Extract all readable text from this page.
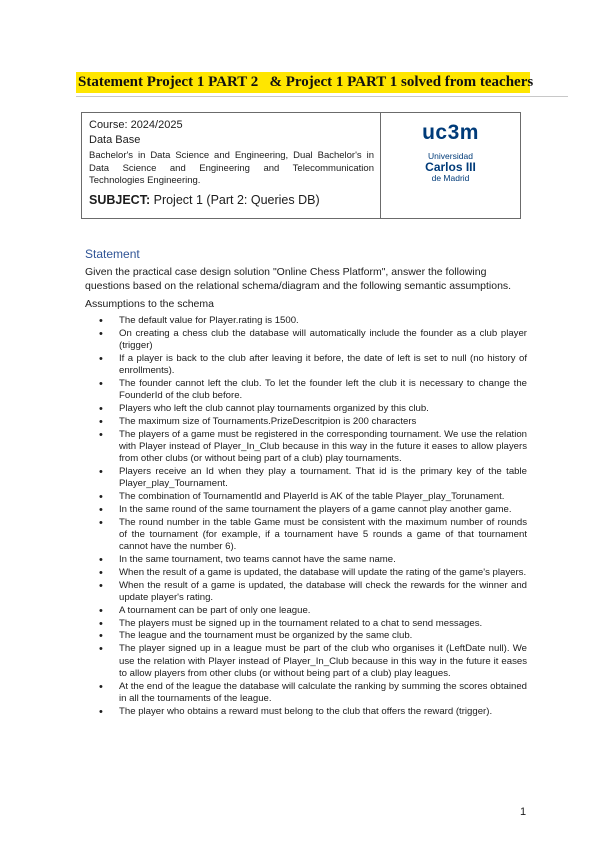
Statement Project 1 PART 2   & Project 1 PART 1 solved from teachers
Course: 2024/2025
Data Base
Bachelor's in Data Science and Engineering, Dual Bachelor's in Data Science and Engineering and Telecommunication Technologies Engineering.
SUBJECT: Project 1 (Part 2: Queries DB)
uc3m
Universidad
Carlos III
de Madrid
Statement
Given the practical case design solution "Online Chess Platform", answer the following questions based on the relational schema/diagram and the following semantic assumptions.
Assumptions to the schema
• The default value for Player.rating is 1500.
• On creating a chess club the database will automatically include the founder as a club player (trigger)
• If a player is back to the club after leaving it before, the date of left is set to null (no history of enrollments).
• The founder cannot left the club. To let the founder left the club it is necessary to change the FounderId of the club before.
• Players who left the club cannot play tournaments organized by this club.
• The maximum size of Tournaments.PrizeDescritpion is 200 characters
• The players of a game must be registered in the corresponding tournament. We use the relation with Player instead of Player_In_Club because in this way in the future it eases to allow players from other clubs (or without being part of a club) play tournaments.
• Players receive an Id when they play a tournament. That id is the primary key of the table Player_play_Tournament.
• The combination of TournamentId and PlayerId is AK of the table Player_play_Torunament.
• In the same round of the same tournament the players of a game cannot play another game.
• The round number in the table Game must be consistent with the maximum number of rounds of the tournament (for example, if a tournament have 5 rounds a game of that tournament cannot have the number 6).
• In the same tournament, two teams cannot have the same name.
• When the result of a game is updated, the database will update the rating of the game's players.
• When the result of a game is updated, the database will check the rewards for the winner and update player's rating.
• A tournament can be part of only one league.
• The players must be signed up in the tournament related to a chat to send messages.
• The league and the tournament must be organized by the same club.
• The player signed up in a league must be part of the club who organises it (LeftDate null). We use the relation with Player instead of Player_In_Club because in this way in the future it eases to allow players from other clubs (or without being part of a club) play leagues.
• At the end of the league the database will calculate the ranking by summing the scores obtained in all the tournaments of the league.
• The player who obtains a reward must belong to the club that offers the reward (trigger).
1
